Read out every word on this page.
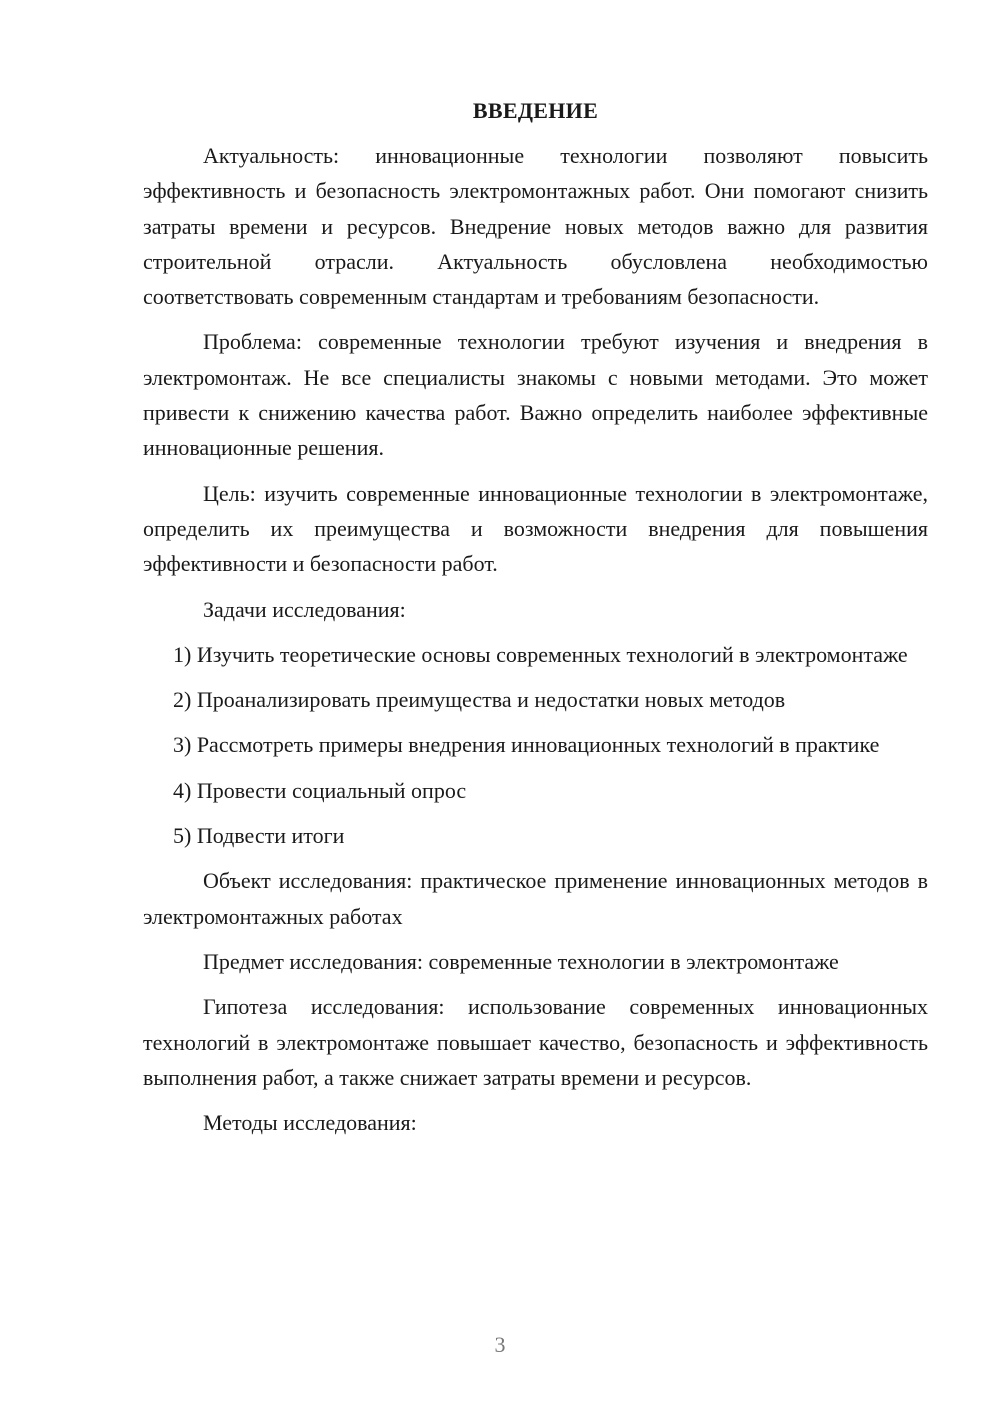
ВВЕДЕНИЕ

Актуальность: инновационные технологии позволяют повысить эффективность и безопасность электромонтажных работ. Они помогают снизить затраты времени и ресурсов. Внедрение новых методов важно для развития строительной отрасли. Актуальность обусловлена необходимостью соответствовать современным стандартам и требованиям безопасности.

Проблема: современные технологии требуют изучения и внедрения в электромонтаж. Не все специалисты знакомы с новыми методами. Это может привести к снижению качества работ. Важно определить наиболее эффективные инновационные решения.

Цель: изучить современные инновационные технологии в электромонтаже, определить их преимущества и возможности внедрения для повышения эффективности и безопасности работ.

Задачи исследования:

1) Изучить теоретические основы современных технологий в электромонтаже

2) Проанализировать преимущества и недостатки новых методов

3) Рассмотреть примеры внедрения инновационных технологий в практике

4) Провести социальный опрос

5) Подвести итоги

Объект исследования: практическое применение инновационных методов в электромонтажных работах

Предмет исследования: современные технологии в электромонтаже

Гипотеза исследования: использование современных инновационных технологий в электромонтаже повышает качество, безопасность и эффективность выполнения работ, а также снижает затраты времени и ресурсов.

Методы исследования:

3
